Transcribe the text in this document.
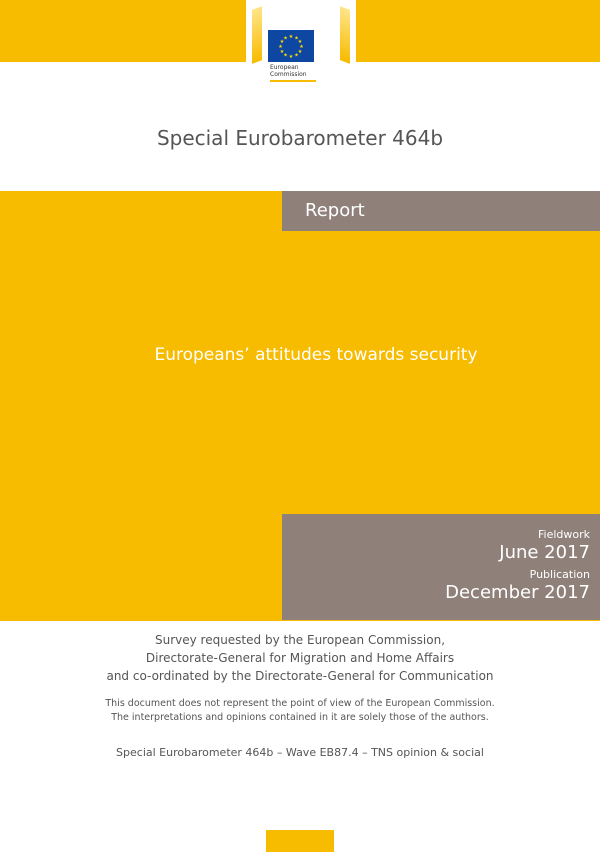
★ ★
★
★
★
★
★
★
★
★
★
★
European
Commission
Special Eurobarometer 464b
Report
Europeans’ attitudes towards security
Fieldwork
June 2017
Publication
December 2017
Survey requested by the European Commission,
Directorate-General for Migration and Home Affairs
and co-ordinated by the Directorate-General for Communication
This document does not represent the point of view of the European Commission.
The interpretations and opinions contained in it are solely those of the authors.
Special Eurobarometer 464b – Wave EB87.4 – TNS opinion & social
